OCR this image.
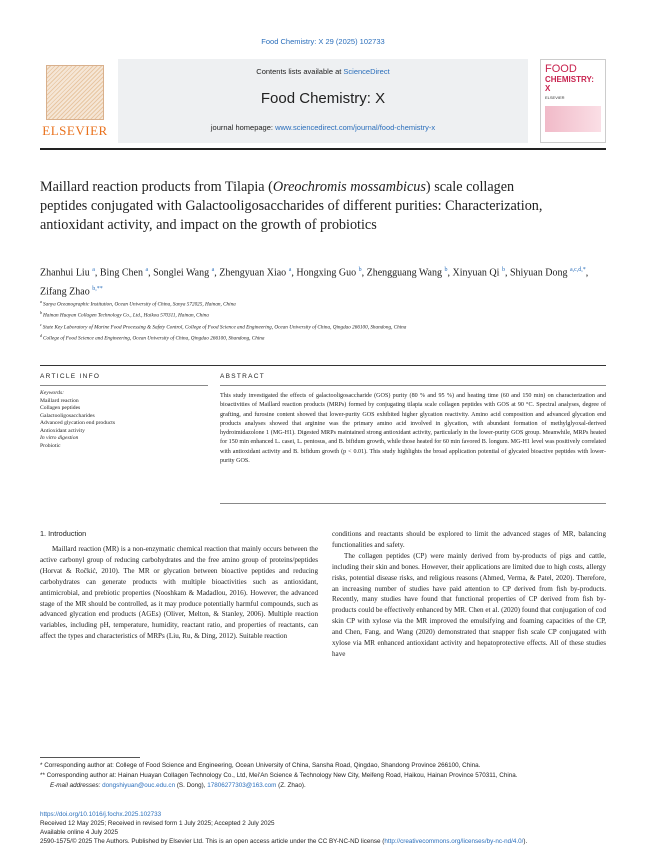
Food Chemistry: X 29 (2025) 102733
ELSEVIER
Contents lists available at ScienceDirect
Food Chemistry: X
journal homepage: www.sciencedirect.com/journal/food-chemistry-x
FOOD
CHEMISTRY: X
ELSEVIER
Maillard reaction products from Tilapia (Oreochromis mossambicus) scale collagen peptides conjugated with Galactooligosaccharides of different purities: Characterization, antioxidant activity, and impact on the growth of probiotics
Zhanhui Liu $^a$, Bing Chen $^a$, Songlei Wang $^a$, Zhengyuan Xiao $^a$, Hongxing Guo $^b$, Zhengguang Wang $^b$, Xinyuan Qi $^b$, Shiyuan Dong $^{a,c,d,*}$, Zifang Zhao $^{b,**}$
$^a$ Sanya Oceanographic Institution, Ocean University of China, Sanya 572025, Hainan, China
$^b$ Hainan Huayan Collagen Technology Co., Ltd., Haikou 570311, Hainan, China
$^c$ State Key Laboratory of Marine Food Processing & Safety Control, College of Food Science and Engineering, Ocean University of China, Qingdao 266100, Shandong, China
$^d$ College of Food Science and Engineering, Ocean University of China, Qingdao 266100, Shandong, China
ARTICLE INFO	ABSTRACT
Keywords:
Maillard reaction
Collagen peptides
Galactooligosaccharides
Advanced glycation end products
Antioxidant activity
In vitro digestion
Probiotic
This study investigated the effects of galactooligosaccharide (GOS) purity (80 % and 95 %) and heating time (60 and 150 min) on characterization and bioactivities of Maillard reaction products (MRPs) formed by conjugating tilapia scale collagen peptides with GOS at 90 °C. Spectral analyses, degree of grafting, and furosine content showed that lower-purity GOS exhibited higher glycation reactivity. Amino acid composition and advanced glycation end products analyses showed that arginine was the primary amino acid involved in glycation, with abundant formation of methylglyoxal-derived hydroimidazolone 1 (MG-H1). Digested MRPs maintained strong antioxidant activity, particularly in the lower-purity GOS group. Meanwhile, MRPs heated for 150 min enhanced L. casei, L. pentosus, and B. bifidum growth, while those heated for 60 min favored B. longum. MG-H1 level was positively correlated with antioxidant activity and B. bifidum growth (p < 0.01). This study highlights the broad application potential of glycated bioactive peptides with lower-purity GOS.
1. Introduction

Maillard reaction (MR) is a non-enzymatic chemical reaction that mainly occurs between the active carbonyl group of reducing carbohydrates and the free amino group of proteins/peptides (Horvat & Ročkić, 2010). The MR or glycation between bioactive peptides and reducing carbohydrates can generate products with multiple bioactivities such as antioxidant, antimicrobial, and prebiotic properties (Nooshkam & Madadlou, 2016). However, the advanced stage of the MR should be controlled, as it may produce potentially harmful compounds, such as advanced glycation end products (AGEs) (Oliver, Melton, & Stanley, 2006). Multiple reaction variables, including pH, temperature, humidity, reactant ratio, and properties of reactants, can affect the types and characteristics of MRPs (Liu, Ru, & Ding, 2012). Suitable reaction

conditions and reactants should be explored to limit the advanced stages of MR, balancing functionalities and safety.

The collagen peptides (CP) were mainly derived from by-products of pigs and cattle, including their skin and bones. However, their applications are limited due to high costs, allergy risks, potential disease risks, and religious reasons (Ahmed, Verma, & Patel, 2020). Therefore, an increasing number of studies have paid attention to CP derived from fish by-products. Recently, many studies have found that functional properties of CP derived from fish by-products could be effectively enhanced by MR. Chen et al. (2020) found that conjugation of cod skin CP with xylose via the MR improved the emulsifying and foaming capacities of the CP, and Chen, Fang, and Wang (2020) demonstrated that snapper fish scale CP conjugated with xylose via MR enhanced antioxidant activity and hepatoprotective effects. All of these studies have

* Corresponding author at: College of Food Science and Engineering, Ocean University of China, Sansha Road, Qingdao, Shandong Province 266100, China.
** Corresponding author at: Hainan Huayan Collagen Technology Co., Ltd, Mei'An Science & Technology New City, Meifeng Road, Haikou, Hainan Province 570311, China.
E-mail addresses: dongshiyuan@ouc.edu.cn (S. Dong), 17806277303@163.com (Z. Zhao).
https://doi.org/10.1016/j.fochx.2025.102733
Received 12 May 2025; Received in revised form 1 July 2025; Accepted 2 July 2025
Available online 4 July 2025
2590-1575/© 2025 The Authors. Published by Elsevier Ltd. This is an open access article under the CC BY-NC-ND license (http://creativecommons.org/licenses/by-nc-nd/4.0/).
